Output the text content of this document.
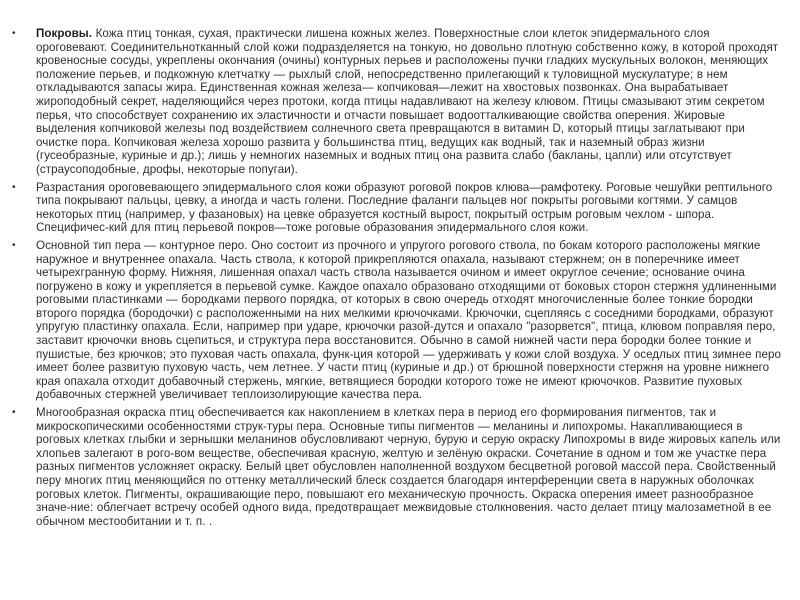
• Покровы. Кожа птиц тонкая, сухая, практически лишена кожных желез. Поверхностные слои клеток эпидермального слоя ороговевают. Соединительнотканный слой кожи подразделяется на тонкую, но довольно плотную собственно кожу, в которой проходят кровеносные сосуды, укреплены окончания (очины) контурных перьев и расположены пучки гладких мускульных волокон, меняющих положение перьев, и подкожную клетчатку — рыхлый слой, непосредственно прилегающий к туловищной мускулатуре; в нем откладываются запасы жира. Единственная кожная железа— копчиковая—лежит на хвостовых позвонках. Она вырабатывает жироподобный секрет, наделяющийся через протоки, когда птицы надавливают на железу клювом. Птицы смазывают этим секретом перья, что способствует сохранению их эластичности и отчасти повышает водоотталкивающие свойства оперения. Жировые выделения копчиковой железы под воздействием солнечного света превращаются в витамин D, который птицы заглатывают при очистке пора. Копчиковая железа хорошо развита у большинства птиц, ведущих как водный, так и наземный образ жизни (гусеобразные, куриные и др.); лишь у немногих наземных и водных птиц она развита слабо (бакланы, цапли) или отсутствует (страусоподобные, дрофы, некоторые попугаи).
• Разрастания ороговевающего эпидермального слоя кожи образуют роговой покров клюва—рамфотеку. Роговые чешуйки рептильного типа покрывают пальцы, цевку, а иногда и часть голени. Последние фаланги пальцев ног покрыты роговыми когтями. У самцов некоторых птиц (например, у фазановых) на цевке образуется костный вырост, покрытый острым роговым чехлом - шпора. Специфичес-кий для птиц перьевой покров—тоже роговые образования эпидермального слоя кожи.
• Основной тип пера — контурное перо. Оно состоит из прочного и упругого рогового ствола, по бокам которого расположены мягкие наружное и внутреннее опахала. Часть ствола, к которой прикрепляются опахала, называют стержнем; он в поперечнике имеет четырехгранную форму. Нижняя, лишенная опахал часть ствола называется очином и имеет округлое сечение; основание очина погружено в кожу и укрепляется в перьевой сумке. Каждое опахало образовано отходящими от боковых сторон стержня удлиненными роговыми пластинками — бородками первого порядка, от которых в свою очередь отходят многочисленные более тонкие бородки второго порядка (бородочки) с расположенными на них мелкими крючочками. Крючочки, сцепляясь с соседними бородками, образуют упругую пластинку опахала. Если, например при ударе, крючочки разой-дутся и опахало "разорвется", птица, клювом поправляя перо, заставит крючочки вновь сцепиться, и структура пера восстановится. Обычно в самой нижней части пера бородки более тонкие и пушистые, без крючков; это пуховая часть опахала, функ-ция которой — удерживать у кожи слой воздуха. У оседлых птиц зимнее перо имеет более развитую пуховую часть, чем летнее. У части птиц (куриные и др.) от брюшной поверхности стержня на уровне нижнего края опахала отходит добавочный стержень, мягкие, ветвящиеся бородки которого тоже не имеют крючочков. Развитие пуховых добавочных стержней увеличивает теплоизолирующие качества пера.
• Многообразная окраска птиц обеспечивается как накоплением в клетках пера в период его формирования пигментов, так и микроскопическими особенностями струк-туры пера. Основные типы пигментов — меланины и липохромы. Накапливающиеся в роговых клетках глыбки и зернышки меланинов обусловливают черную, бурую и серую окраску Липохромы в виде жировых капель или хлопьев залегают в рого-вом веществе, обеспечивая красную, желтую и зелёную окраски. Сочетание в одном и том же участке пера разных пигментов усложняет окраску. Белый цвет обусловлен наполненной воздухом бесцветной роговой массой пера. Свойственный перу многих птиц меняющийся по оттенку металлический блеск создается благодаря интерференции света в наружных оболочках роговых клеток. Пигменты, окрашивающие перо, повышают его механическую прочность. Окраска оперения имеет разнообразное значе-ние: облегчает встречу особей одного вида, предотвращает межвидовые столкновения. часто делает птицу малозаметной в ее обычном местообитании и т. п. .
